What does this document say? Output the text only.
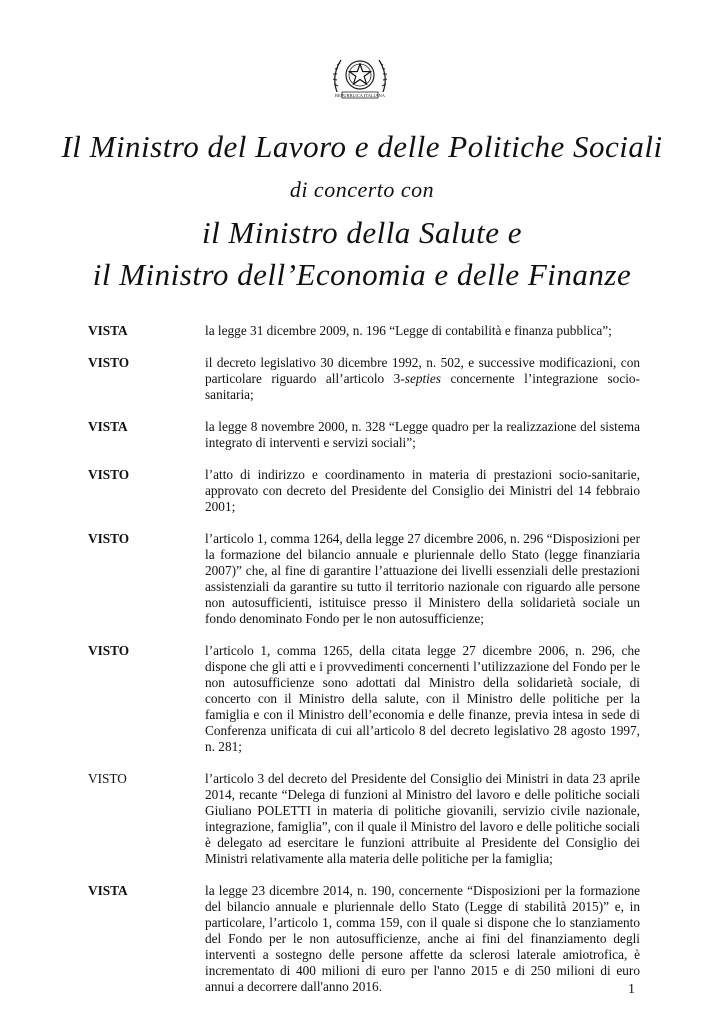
REPUBBLICA ITALIANA
Il Ministro del Lavoro e delle Politiche Sociali
di concerto con
il Ministro della Salute e
il Ministro dell’Economia e delle Finanze
VISTA	la legge 31 dicembre 2009, n. 196 “Legge di contabilità e finanza pubblica”;
VISTO	il decreto legislativo 30 dicembre 1992, n. 502, e successive modificazioni, con particolare riguardo all’articolo 3-septies concernente l’integrazione socio-sanitaria;
VISTA	la legge 8 novembre 2000, n. 328 “Legge quadro per la realizzazione del sistema integrato di interventi e servizi sociali”;
VISTO	l’atto di indirizzo e coordinamento in materia di prestazioni socio-sanitarie, approvato con decreto del Presidente del Consiglio dei Ministri del 14 febbraio 2001;
VISTO	l’articolo 1, comma 1264, della legge 27 dicembre 2006, n. 296 “Disposizioni per la formazione del bilancio annuale e pluriennale dello Stato (legge finanziaria 2007)” che, al fine di garantire l’attuazione dei livelli essenziali delle prestazioni assistenziali da garantire su tutto il territorio nazionale con riguardo alle persone non autosufficienti, istituisce presso il Ministero della solidarietà sociale un fondo denominato Fondo per le non autosufficienze;
VISTO	l’articolo 1, comma 1265, della citata legge 27 dicembre 2006, n. 296, che dispone che gli atti e i provvedimenti concernenti l’utilizzazione del Fondo per le non autosufficienze sono adottati dal Ministro della solidarietà sociale, di concerto con il Ministro della salute, con il Ministro delle politiche per la famiglia e con il Ministro dell’economia e delle finanze, previa intesa in sede di Conferenza unificata di cui all’articolo 8 del decreto legislativo 28 agosto 1997, n. 281;
VISTO	l’articolo 3 del decreto del Presidente del Consiglio dei Ministri in data 23 aprile 2014, recante “Delega di funzioni al Ministro del lavoro e delle politiche sociali Giuliano POLETTI in materia di politiche giovanili, servizio civile nazionale, integrazione, famiglia”, con il quale il Ministro del lavoro e delle politiche sociali è delegato ad esercitare le funzioni attribuite al Presidente del Consiglio dei Ministri relativamente alla materia delle politiche per la famiglia;
VISTA	la legge 23 dicembre 2014, n. 190, concernente “Disposizioni per la formazione del bilancio annuale e pluriennale dello Stato (Legge di stabilità 2015)” e, in particolare, l’articolo 1, comma 159, con il quale si dispone che lo stanziamento del Fondo per le non autosufficienze, anche ai fini del finanziamento degli interventi a sostegno delle persone affette da sclerosi laterale amiotrofica, è incrementato di 400 milioni di euro per l'anno 2015 e di 250 milioni di euro annui a decorrere dall'anno 2016.	1
